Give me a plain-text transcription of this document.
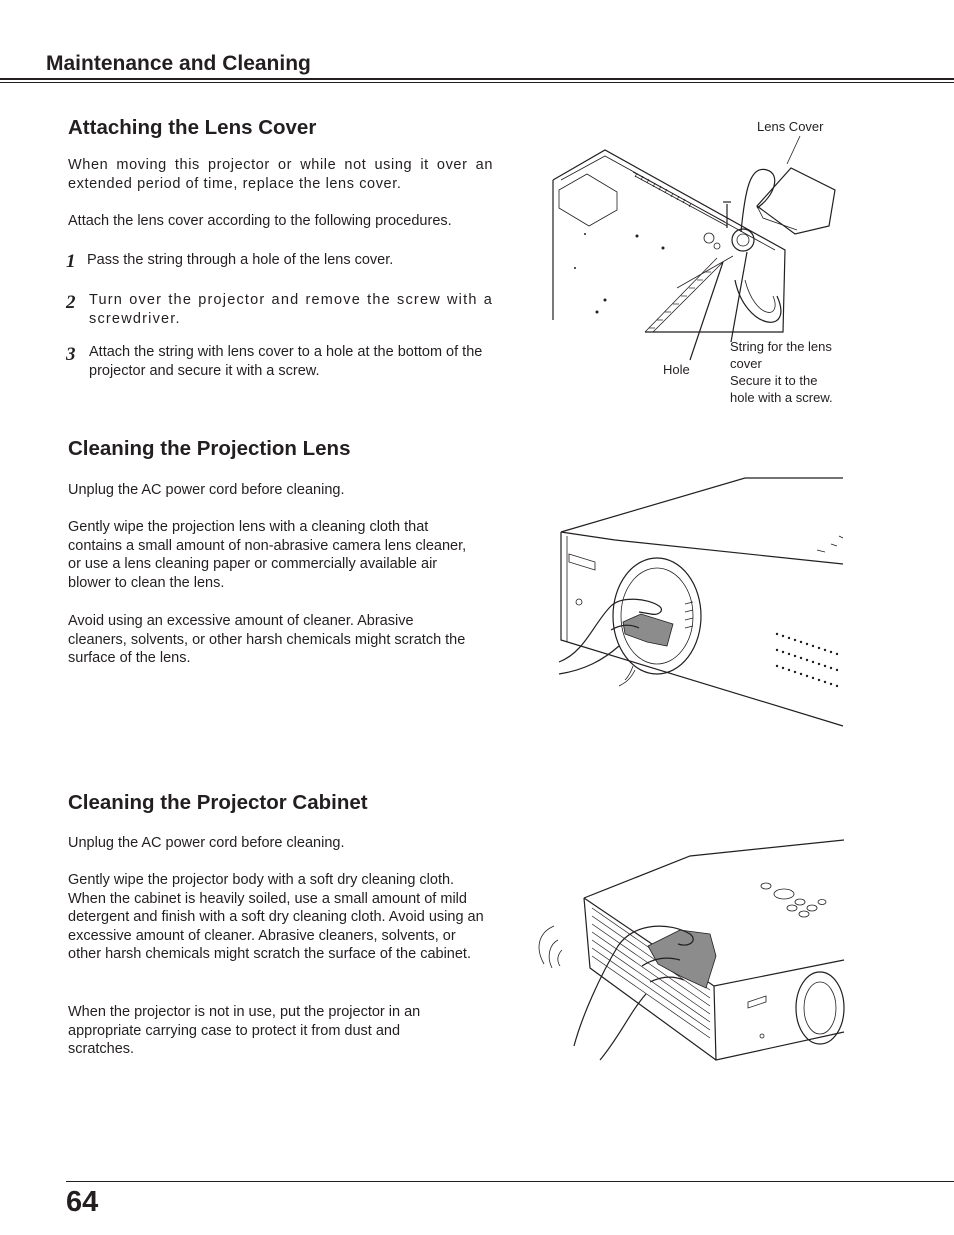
Maintenance and Cleaning
Attaching the Lens Cover
When moving this projector or while not using it over an extended period of time, replace the lens cover.
Attach the lens cover according to the following procedures.
1 Pass the string through a hole of the lens cover.
2 Turn over the projector and remove the screw with a screwdriver.
3 Attach the string with lens cover to a hole at the bottom of the projector and secure it with a screw.
Lens Cover
Hole
String for the lens
cover
Secure it to the
hole with a screw.
Cleaning the Projection Lens
Unplug the AC power cord before cleaning.
Gently wipe the projection lens with a cleaning cloth that contains a small amount of non-abrasive camera lens cleaner, or use a lens cleaning paper or commercially available air blower to clean the lens.
Avoid using an excessive amount of cleaner. Abrasive cleaners, solvents, or other harsh chemicals might scratch the surface of the lens.
Cleaning the Projector Cabinet
Unplug the AC power cord before cleaning.
Gently wipe the projector body with a soft dry cleaning cloth. When the cabinet is heavily soiled, use a small amount of mild detergent and finish with a soft dry cleaning cloth. Avoid using an excessive amount of cleaner. Abrasive cleaners, solvents, or other harsh chemicals might scratch the surface of the cabinet.
When the projector is not in use, put the projector in an appropriate carrying case to protect it from dust and scratches.
64
